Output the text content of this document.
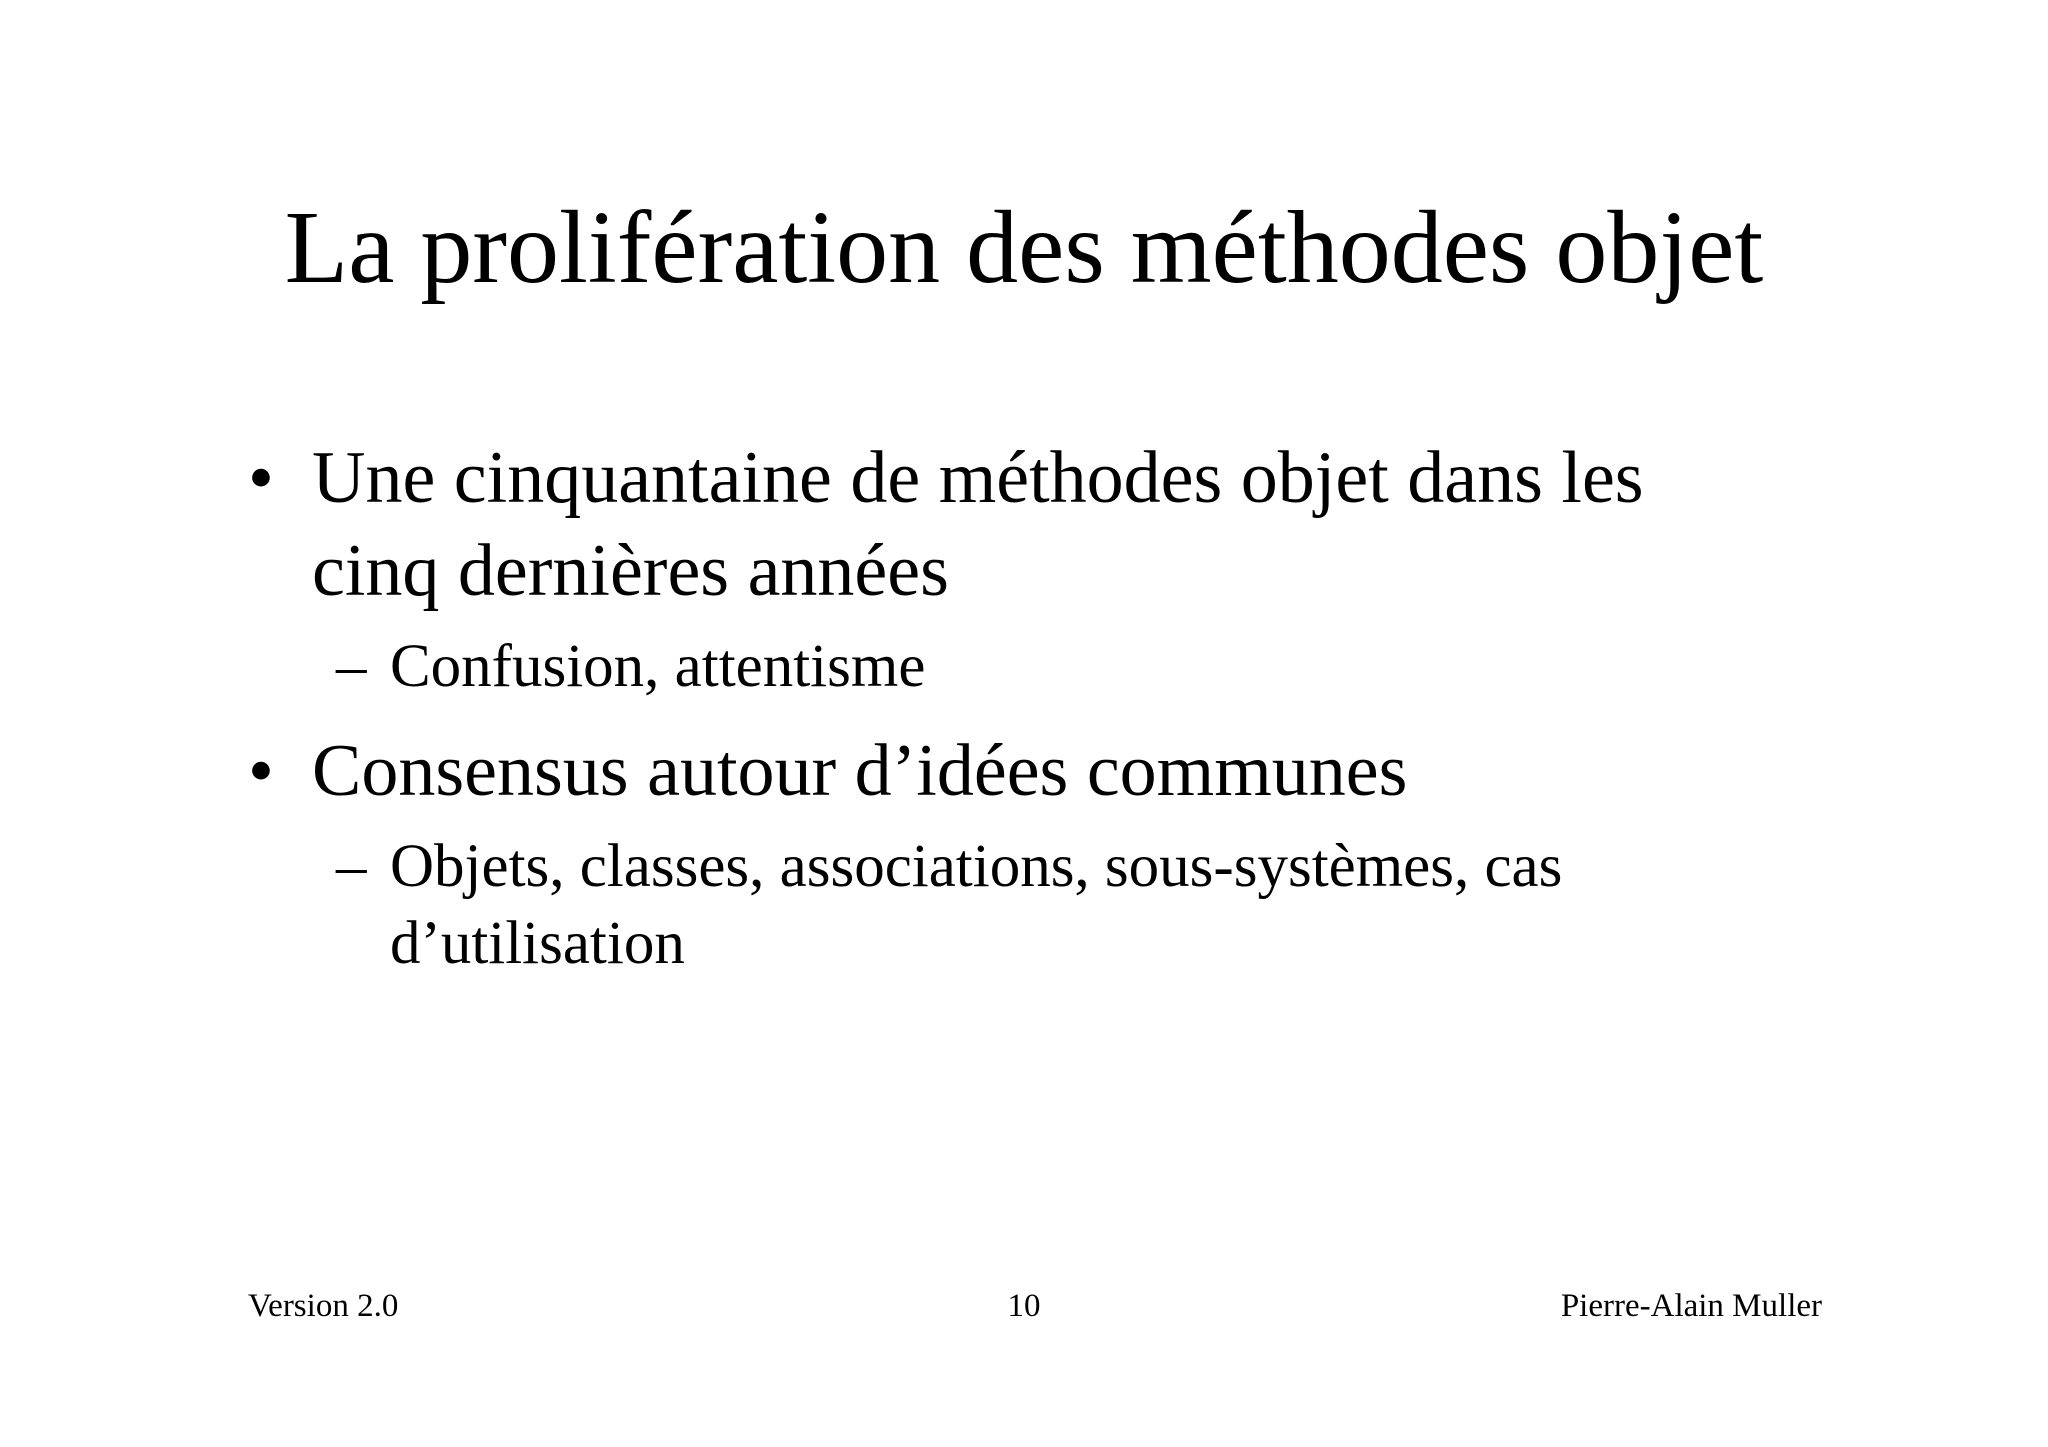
La prolifération des méthodes objet
• Une cinquantaine de méthodes objet dans les cinq dernières années
– Confusion, attentisme
• Consensus autour d’idées communes
– Objets, classes, associations, sous-systèmes, cas d’utilisation
Version 2.0	10	Pierre-Alain Muller
